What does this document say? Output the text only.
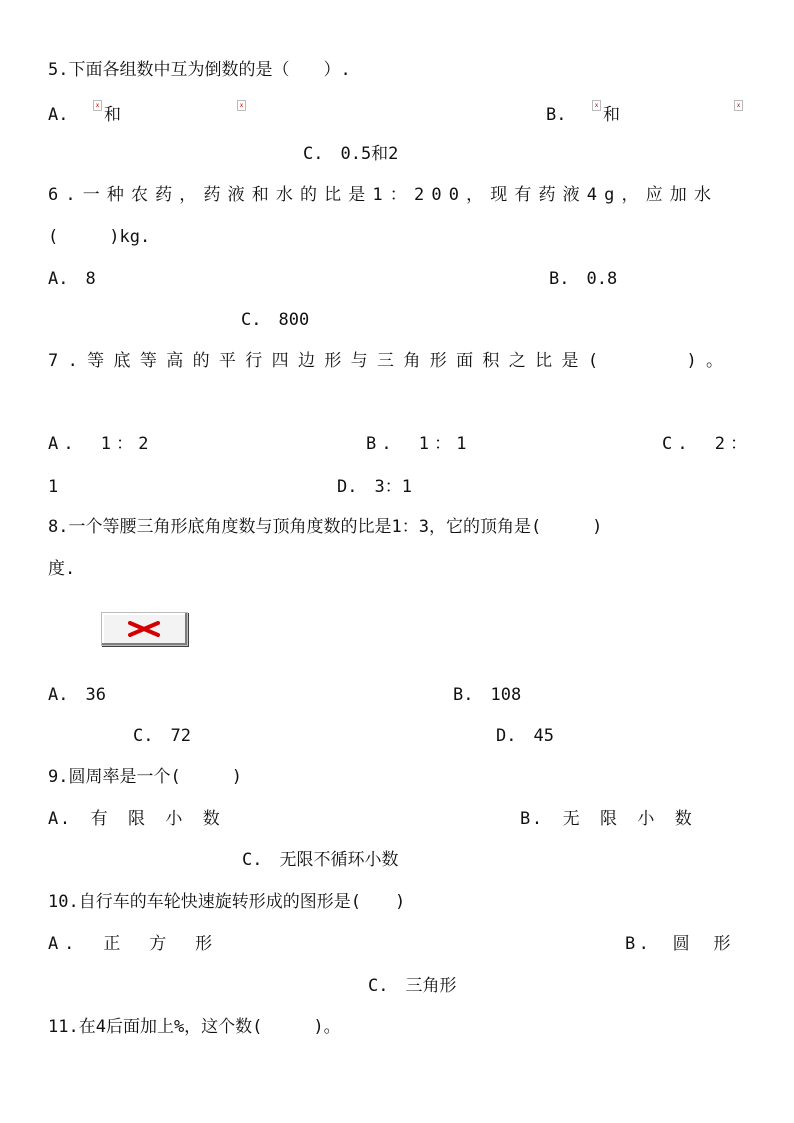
5.下面各组数中互为倒数的是（　　）.
A. x 和 x	B. x 和
x
C.　0.5和2
6.一种农药，药液和水的比是1：200，现有药液4g，应加水
(　　　)kg.
A.　8	B.　0.8
C.　800
7.等底等高的平行四边形与三角形面积之比是(　　　)。
A.　1：2	B.　1：1	C.　2：
1	D.　3：1
8.一个等腰三角形底角度数与顶角度数的比是1：3，它的顶角是(　　　)
度.
A.　36	B.　108
C.　72	D.　45
9.圆周率是一个(　　　)
A.　有　限　小　数	B.　无　限　小　数
C.　无限不循环小数
10.自行车的车轮快速旋转形成的图形是(　　)
A.　正　方　形	B.　圆　形
C.　三角形
11.在4后面加上%，这个数(　　　)。
